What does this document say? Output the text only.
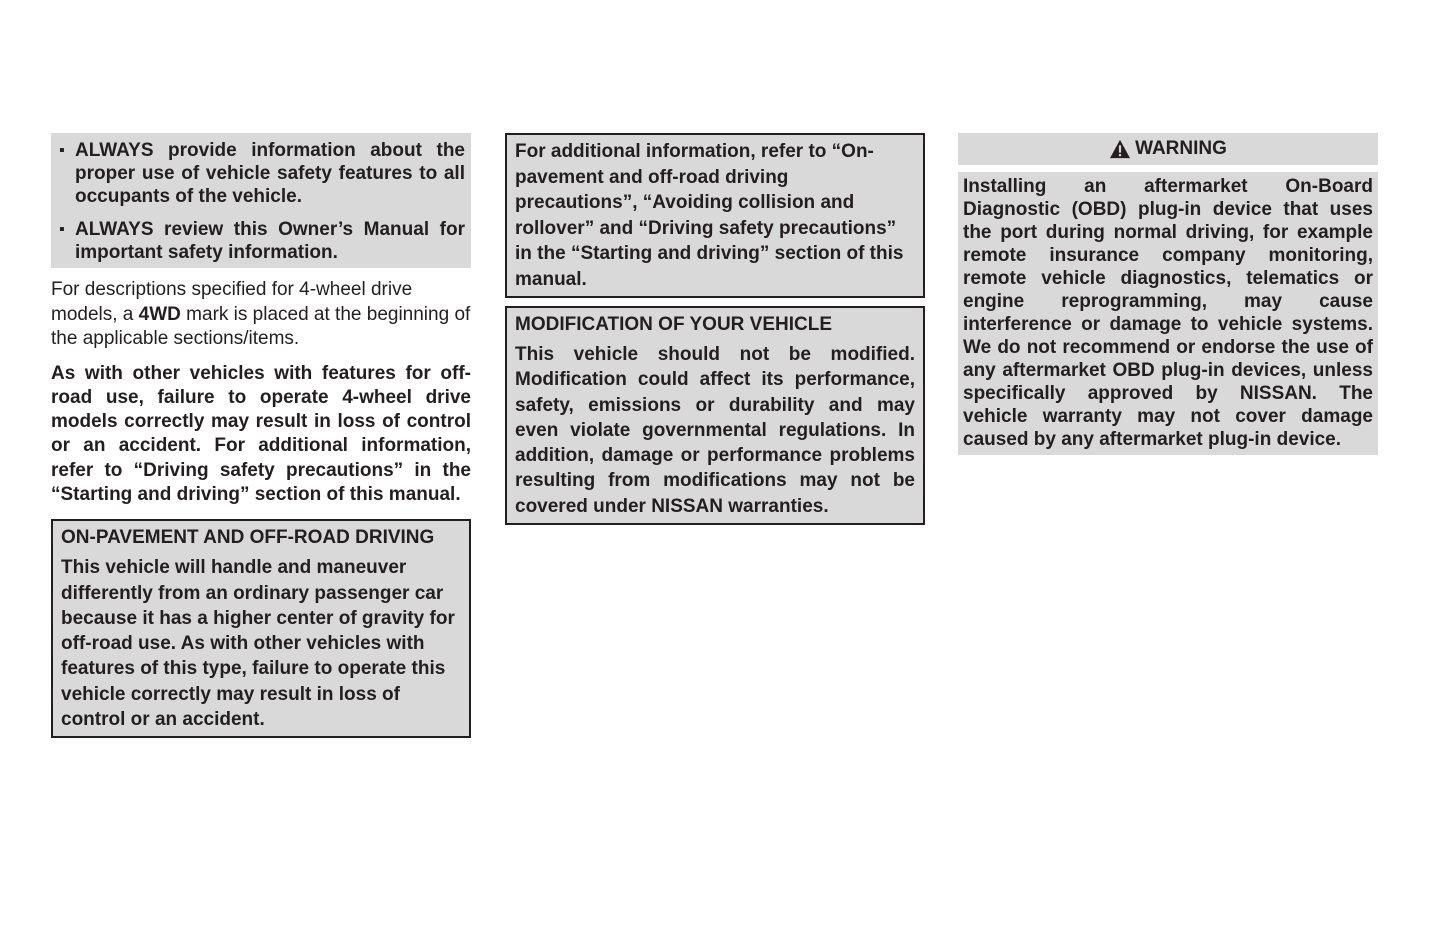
▪ ALWAYS provide information about the proper use of vehicle safety features to all occupants of the vehicle.
▪ ALWAYS review this Owner’s Manual for important safety information.
For descriptions specified for 4-wheel drive models, a 4WD mark is placed at the beginning of the applicable sections/items.
As with other vehicles with features for off-road use, failure to operate 4-wheel drive models correctly may result in loss of control or an accident. For additional information, refer to “Driving safety precautions” in the “Starting and driving” section of this manual.
ON-PAVEMENT AND OFF-ROAD DRIVING
This vehicle will handle and maneuver differently from an ordinary passenger car because it has a higher center of gravity for off-road use. As with other vehicles with features of this type, failure to operate this vehicle correctly may result in loss of control or an accident.
For additional information, refer to “On-pavement and off-road driving precautions”, “Avoiding collision and rollover” and “Driving safety precautions” in the “Starting and driving” section of this manual.
MODIFICATION OF YOUR VEHICLE
This vehicle should not be modified. Modification could affect its performance, safety, emissions or durability and may even violate governmental regulations. In addition, damage or performance problems resulting from modifications may not be covered under NISSAN warranties.
WARNING
Installing an aftermarket On-Board Diagnostic (OBD) plug-in device that uses the port during normal driving, for example remote insurance company monitoring, remote vehicle diagnostics, telematics or engine reprogramming, may cause interference or damage to vehicle systems. We do not recommend or endorse the use of any aftermarket OBD plug-in devices, unless specifically approved by NISSAN. The vehicle warranty may not cover damage caused by any aftermarket plug-in device.
